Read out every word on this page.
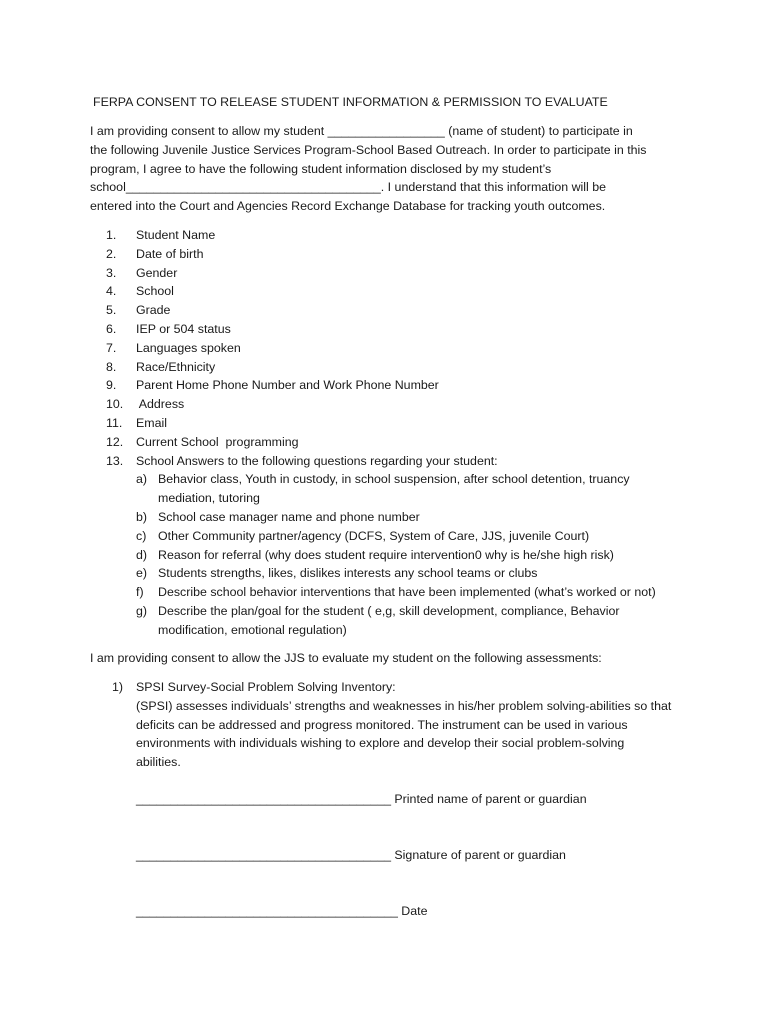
FERPA CONSENT TO RELEASE STUDENT INFORMATION & PERMISSION TO EVALUATE

I am providing consent to allow my student _________________ (name of student) to participate in

the following Juvenile Justice Services Program-School Based Outreach. In order to participate in this

program, I agree to have the following student information disclosed by my student’s

school_____________________________________. I understand that this information will be

entered into the Court and Agencies Record Exchange Database for tracking youth outcomes.

1.	Student Name
2.	Date of birth
3.	Gender
4.	School
5.	Grade
6.	IEP or 504 status
7.	Languages spoken
8.	Race/Ethnicity
9.	Parent Home Phone Number and Work Phone Number
10.	Address
11.	Email
12.	Current School  programming
13.	School Answers to the following questions regarding your student:
a) Behavior class, Youth in custody, in school suspension, after school detention, truancy
mediation, tutoring
b) School case manager name and phone number
c) Other Community partner/agency (DCFS, System of Care, JJS, juvenile Court)
d) Reason for referral (why does student require intervention0 why is he/she high risk)
e) Students strengths, likes, dislikes interests any school teams or clubs
f)	Describe school behavior interventions that have been implemented (what’s worked or not)
g) Describe the plan/goal for the student ( e,g, skill development, compliance, Behavior
modification, emotional regulation)
I am providing consent to allow the JJS to evaluate my student on the following assessments:
1) SPSI Survey-Social Problem Solving Inventory:
(SPSI) assesses individuals’ strengths and weaknesses in his/her problem solving-abilities so that
deficits can be addressed and progress monitored. The instrument can be used in various
environments with individuals wishing to explore and develop their social problem-solving
abilities.
_____________________________________ Printed name of parent or guardian
_____________________________________ Signature of parent or guardian
______________________________________ Date
